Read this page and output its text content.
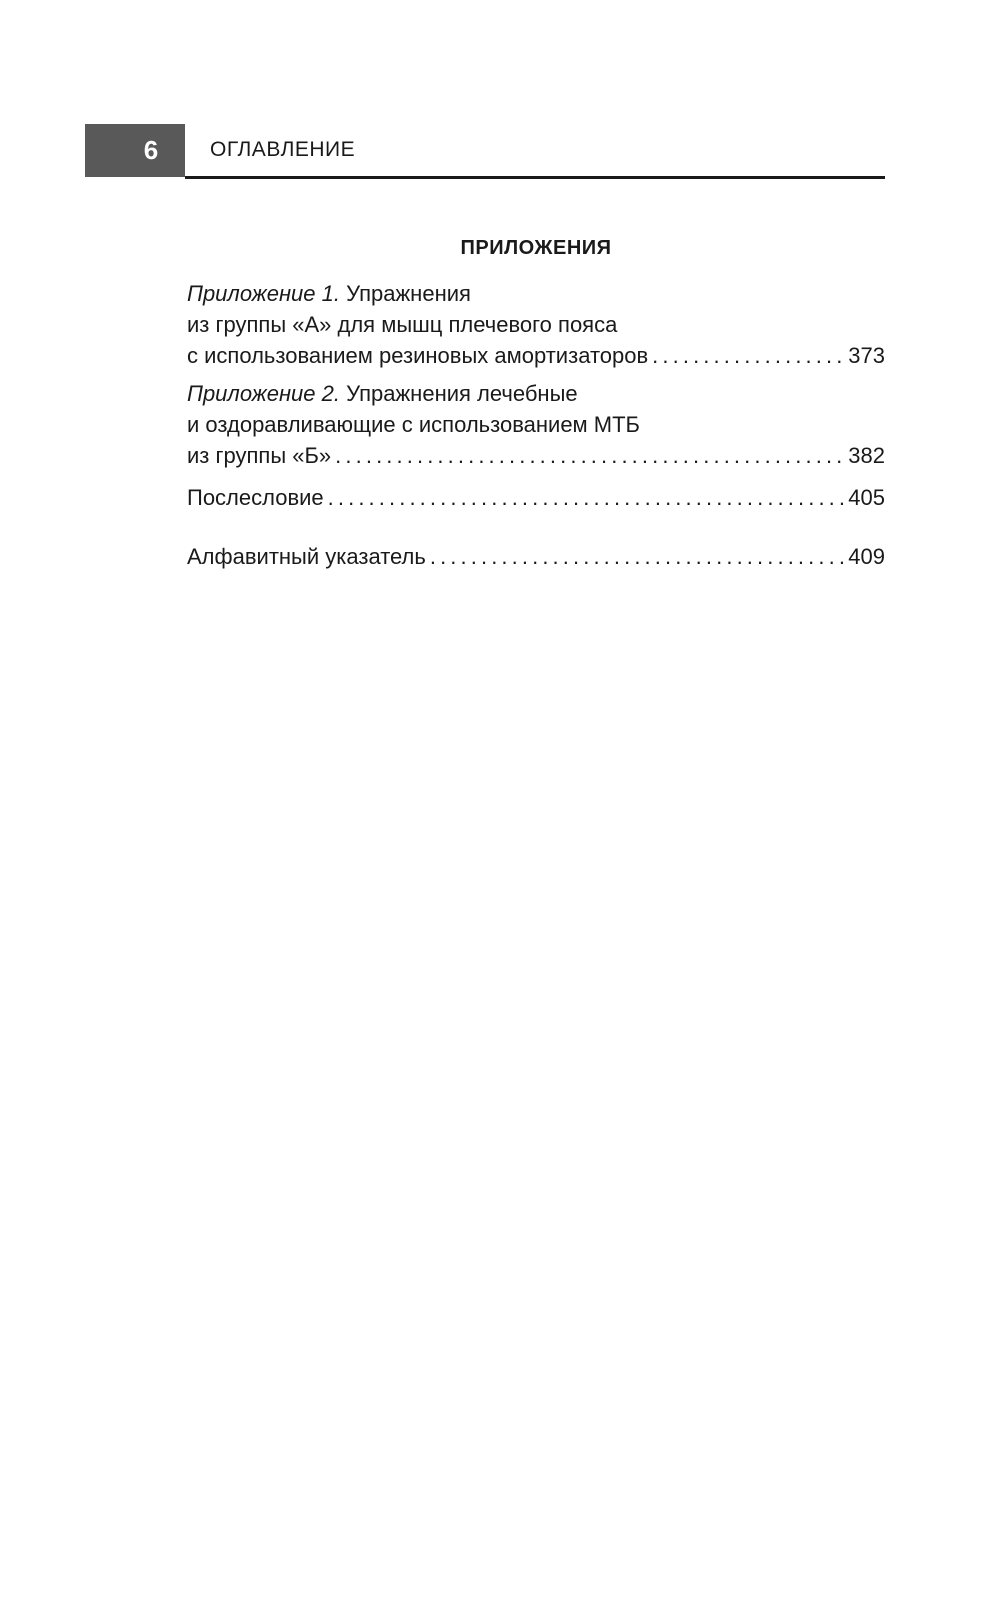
6 ОГЛАВЛЕНИЕ
ПРИЛОЖЕНИЯ
Приложение 1. Упражнения
из группы «А» для мышц плечевого пояса
с использованием резиновых амортизаторов . . .	373
Приложение 2. Упражнения лечебные
и оздоравливающие с использованием МТБ
из группы «Б» . . .	382
Послесловие . . .	405
Алфавитный указатель . . .	409
